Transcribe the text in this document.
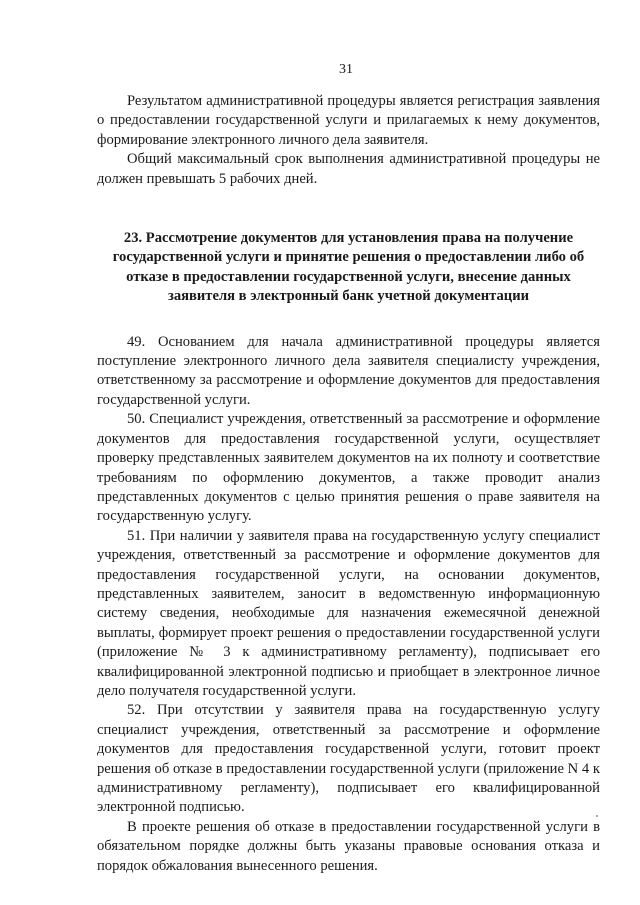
31

Результатом административной процедуры является регистрация заявления о предоставлении государственной услуги и прилагаемых к нему документов, формирование электронного личного дела заявителя.

Общий максимальный срок выполнения административной процедуры не должен превышать 5 рабочих дней.

23. Рассмотрение документов для установления права на получение государственной услуги и принятие решения о предоставлении либо об отказе в предоставлении государственной услуги, внесение данных заявителя в электронный банк учетной документации

49. Основанием для начала административной процедуры является поступление электронного личного дела заявителя специалисту учреждения, ответственному за рассмотрение и оформление документов для предоставления государственной услуги.

50. Специалист учреждения, ответственный за рассмотрение и оформление документов для предоставления государственной услуги, осуществляет проверку представленных заявителем документов на их полноту и соответствие требованиям по оформлению документов, а также проводит анализ представленных документов с целью принятия решения о праве заявителя на государственную услугу.

51. При наличии у заявителя права на государственную услугу специалист учреждения, ответственный за рассмотрение и оформление документов для предоставления государственной услуги, на основании документов, представленных заявителем, заносит в ведомственную информационную систему сведения, необходимые для назначения ежемесячной денежной выплаты, формирует проект решения о предоставлении государственной услуги (приложение № 3 к административному регламенту), подписывает его квалифицированной электронной подписью и приобщает в электронное личное дело получателя государственной услуги.

52. При отсутствии у заявителя права на государственную услугу специалист учреждения, ответственный за рассмотрение и оформление документов для предоставления государственной услуги, готовит проект решения об отказе в предоставлении государственной услуги (приложение N 4 к административному регламенту), подписывает его квалифицированной электронной подписью.

В проекте решения об отказе в предоставлении государственной услуги в обязательном порядке должны быть указаны правовые основания отказа и порядок обжалования вынесенного решения.
